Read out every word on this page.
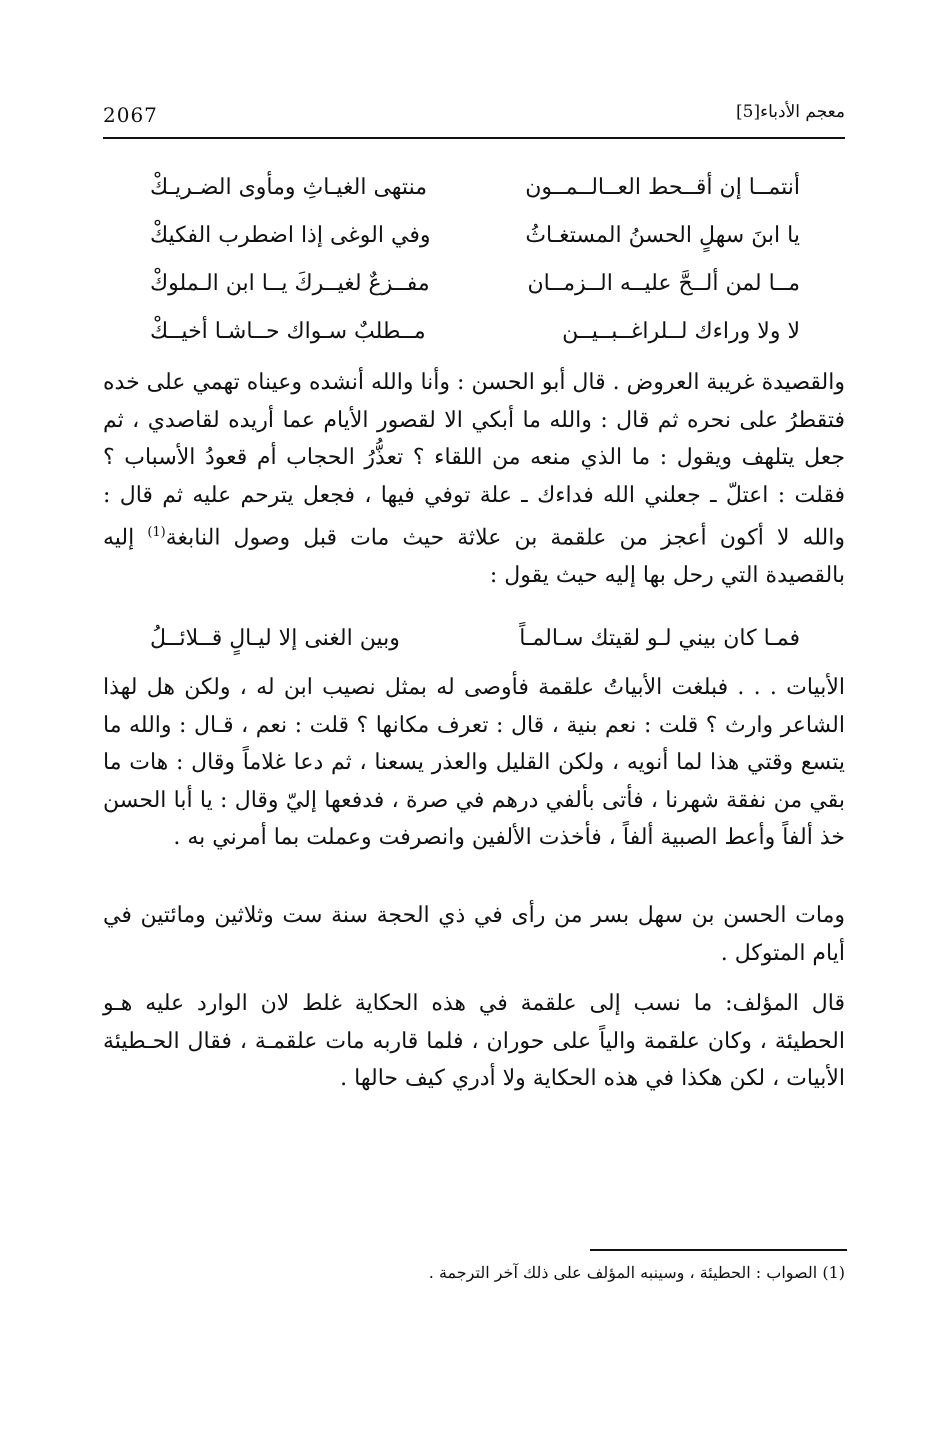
2067	معجم الأدباء[5]
أنتمــا إن أقــحط العــالــمــون
منتهى الغيـاثِ ومأوى الضـريـكْ
يا ابنَ سهلٍ الحسنُ المستغـاثُ
وفي الوغى إذا اضطرب الفكيكْ
مــا لمن ألــحَّ عليــه الــزمــان
مفــزعٌ لغيــركَ يــا ابن الـملوكْ
لا ولا وراءك لــلراغــبــيــن
مــطلبٌ سـواك حــاشـا أخيــكْ
والقصيدة غريبة العروض . قال أبو الحسن : وأنا والله أنشده وعيناه تهمي على خده فتقطرُ على نحره ثم قال : والله ما أبكي الا لقصور الأيام عما أريده لقاصدي ، ثم جعل يتلهف ويقول : ما الذي منعه من اللقاء ؟ تعذُّرُ الحجاب أم قعودُ الأسباب ؟ فقلت : اعتلّ ـ جعلني الله فداءك ـ علة توفي فيها ، فجعل يترحم عليه ثم قال : والله لا أكون أعجز من علقمة بن علاثة حيث مات قبل وصول النابغة$^{(1)}$ إليه بالقصيدة التي رحل بها إليه حيث يقول :
فمـا كان بيني لـو لقيتك سـالمـاً
وبين الغنى إلا ليـالٍ قــلائــلُ
الأبيات . . . فبلغت الأبياتُ علقمة فأوصى له بمثل نصيب ابن له ، ولكن هل لهذا الشاعر وارث ؟ قلت : نعم بنية ، قال : تعرف مكانها ؟ قلت : نعم ، قـال : والله ما يتسع وقتي هذا لما أنويه ، ولكن القليل والعذر يسعنا ، ثم دعا غلاماً وقال : هات ما بقي من نفقة شهرنا ، فأتى بألفي درهم في صرة ، فدفعها إليّ وقال : يا أبا الحسن خذ ألفاً وأعط الصبية ألفاً ، فأخذت الألفين وانصرفت وعملت بما أمرني به .
ومات الحسن بن سهل بسر من رأى في ذي الحجة سنة ست وثلاثين ومائتين في أيام المتوكل .
قال المؤلف: ما نسب إلى علقمة في هذه الحكاية غلط لان الوارد عليه هـو الحطيئة ، وكان علقمة والياً على حوران ، فلما قاربه مات علقمـة ، فقال الحـطيئة الأبيات ، لكن هكذا في هذه الحكاية ولا أدري كيف حالها .
(1) الصواب : الحطيئة ، وسينبه المؤلف على ذلك آخر الترجمة .
